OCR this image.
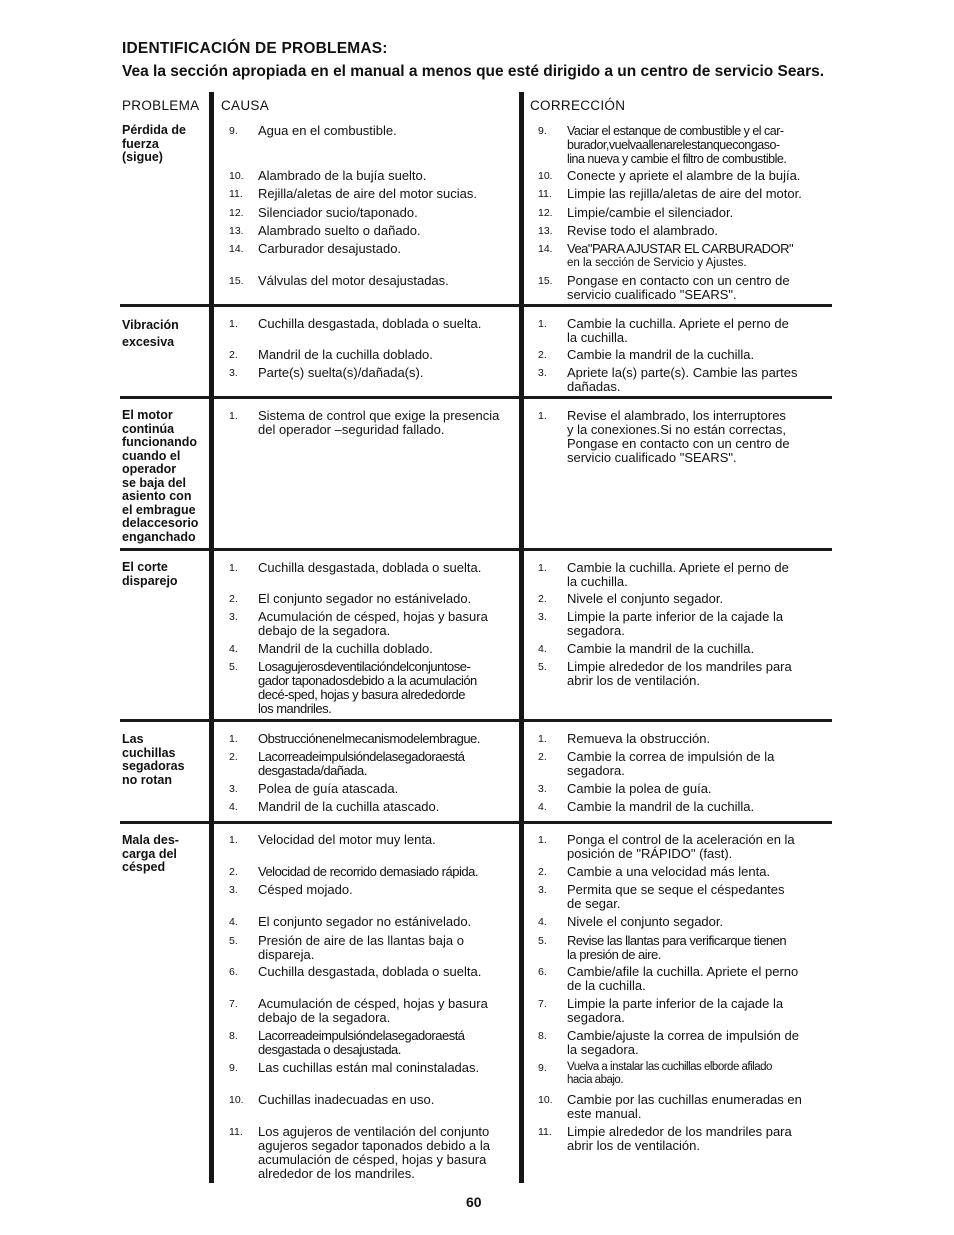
IDENTIFICACIÓN DE PROBLEMAS:
Vea la sección apropiada en el manual a menos que esté dirigido a un centro de servicio Sears.
PROBLEMA CAUSA	CORRECCIÓN
Pérdida de
fuerza
(sigue)
9. Agua en el combustible.
10. Alambrado de la bujía suelto.
11. Rejilla/aletas de aire del motor sucias.
12. Silenciador sucio/taponado.
13. Alambrado suelto o dañado.
14. Carburador desajustado.
15. Válvulas del motor desajustadas.
9. Vaciar el estanque de combustible y el car-
burador,vuelvaallenarelestanquecongaso-
lina nueva y cambie el filtro de combustible.
10. Conecte y apriete el alambre de la bujía.
11. Limpie las rejilla/aletas de aire del motor.
12. Limpie/cambie el silenciador.
13. Revise todo el alambrado.
14. Vea"PARA AJUSTAR EL CARBURADOR"
en la sección de Servicio y Ajustes.
15. Pongase en contacto con un centro de
servicio cualificado "SEARS".
Vibración
excesiva
1. Cuchilla desgastada, doblada o suelta.
2. Mandril de la cuchilla doblado.
3. Parte(s) suelta(s)/dañada(s).
1. Cambie la cuchilla. Apriete el perno de
la cuchilla.
2. Cambie la mandril de la cuchilla.
3. Apriete la(s) parte(s). Cambie las partes
dañadas.
El motor
continúa
funcionando
cuando el
operador
se baja del
asiento con
el embrague
delaccesorio
enganchado
1. Sistema de control que exige la presencia
del operador –seguridad fallado.
1. Revise el alambrado, los interruptores
y la conexiones.Si no están correctas,
Pongase en contacto con un centro de
servicio cualificado "SEARS".
El corte
disparejo
1. Cuchilla desgastada, doblada o suelta.
2. El conjunto segador no estánivelado.
3. Acumulación de césped, hojas y basura
debajo de la segadora.
4. Mandril de la cuchilla doblado.
5. Losagujerosdeventilacióndelconjuntose-
gador taponadosdebido a la acumulación
decé-sped, hojas y basura alrededorde
los mandriles.
1. Cambie la cuchilla. Apriete el perno de
la cuchilla.
2. Nivele el conjunto segador.
3. Limpie la parte inferior de la cajade la
segadora.
4. Cambie la mandril de la cuchilla.
5. Limpie alrededor de los mandriles para
abrir los de ventilación.
Las
cuchillas
segadoras
no rotan
1. Obstrucciónenelmecanismodelembrague.
2. Lacorreadeimpulsióndelasegadoraestá
desgastada/dañada.
3. Polea de guía atascada.
4. Mandril de la cuchilla atascado.
1. Remueva la obstrucción.
2. Cambie la correa de impulsión de la
segadora.
3. Cambie la polea de guía.
4. Cambie la mandril de la cuchilla.
Mala des-
carga del
césped
1. Velocidad del motor muy lenta.
2. Velocidad de recorrido demasiado rápida.
3. Césped mojado.
4. El conjunto segador no estánivelado.
5. Presión de aire de las llantas baja o
dispareja.
6. Cuchilla desgastada, doblada o suelta.
7. Acumulación de césped, hojas y basura
debajo de la segadora.
8. Lacorreadeimpulsióndelasegadoraestá
desgastada o desajustada.
9. Las cuchillas están mal coninstaladas.
10. Cuchillas inadecuadas en uso.
11. Los agujeros de ventilación del conjunto
agujeros segador taponados debido a la
acumulación de césped, hojas y basura
alrededor de los mandriles.
1. Ponga el control de la aceleración en la
posición de "RÁPIDO" (fast).
2. Cambie a una velocidad más lenta.
3. Permita que se seque el céspedantes
de segar.
4. Nivele el conjunto segador.
5. Revise las llantas para verificarque tienen
la presión de aire.
6. Cambie/afile la cuchilla. Apriete el perno
de la cuchilla.
7. Limpie la parte inferior de la cajade la
segadora.
8. Cambie/ajuste la correa de impulsión de
la segadora.
9. Vuelva a instalar las cuchillas elborde afilado
hacia abajo.
10. Cambie por las cuchillas enumeradas en
este manual.
11. Limpie alrededor de los mandriles para
abrir los de ventilación.
60
